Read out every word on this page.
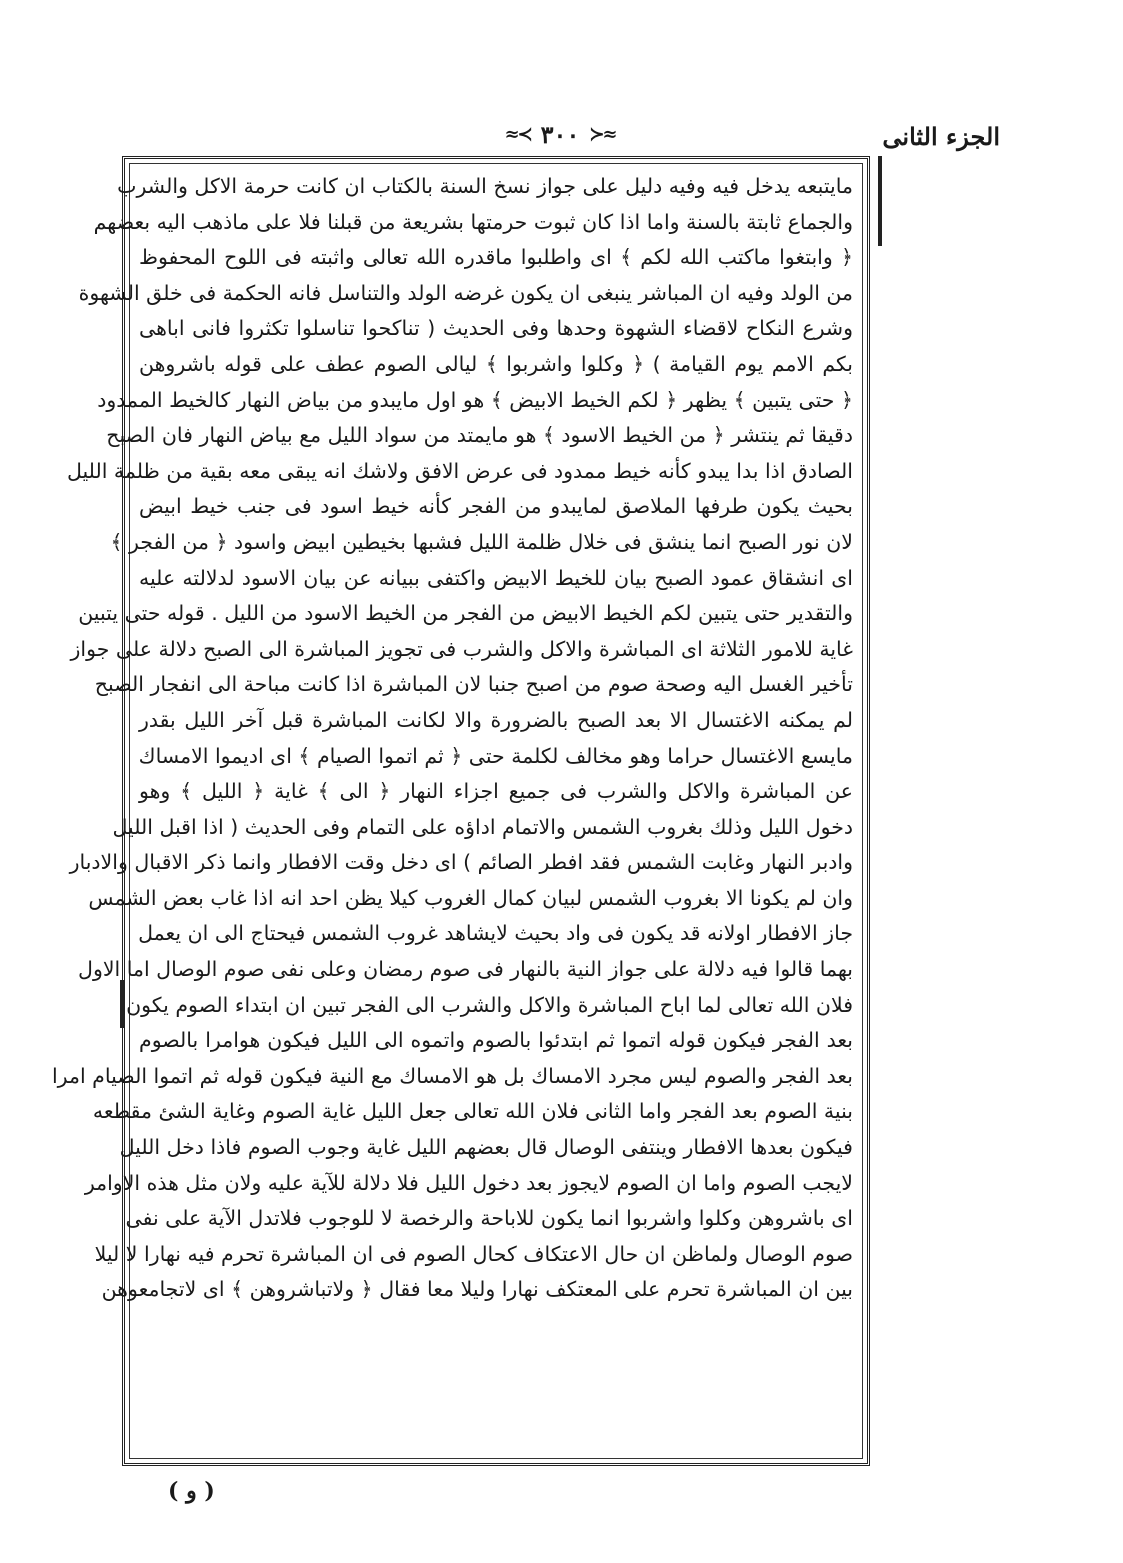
الجزء الثانى
≈≺ ٣٠٠ ≻≈
مايتبعه يدخل فيه وفيه دليل على جواز نسخ السنة بالكتاب ان كانت حرمة الاكل والشرب
والجماع ثابتة بالسنة واما اذا كان ثبوت حرمتها بشريعة من قبلنا فلا على ماذهب اليه بعضهم
﴿ وابتغوا ماكتب الله لكم ﴾ اى واطلبوا ماقدره الله تعالى واثبته فى اللوح المحفوظ
من الولد وفيه ان المباشر ينبغى ان يكون غرضه الولد والتناسل فانه الحكمة فى خلق الشهوة
وشرع النكاح لاقضاء الشهوة وحدها وفى الحديث ( تناكحوا تناسلوا تكثروا فانى اباهى
بكم الامم يوم القيامة ) ﴿ وكلوا واشربوا ﴾ ليالى الصوم عطف على قوله باشروهن
﴿ حتى يتبين ﴾ يظهر ﴿ لكم الخيط الابيض ﴾ هو اول مايبدو من بياض النهار كالخيط الممدود
دقيقا ثم ينتشر ﴿ من الخيط الاسود ﴾ هو مايمتد من سواد الليل مع بياض النهار فان الصبح
الصادق اذا بدا يبدو كأنه خيط ممدود فى عرض الافق ولاشك انه يبقى معه بقية من ظلمة الليل
بحيث يكون طرفها الملاصق لمايبدو من الفجر كأنه خيط اسود فى جنب خيط ابيض
لان نور الصبح انما ينشق فى خلال ظلمة الليل فشبها بخيطين ابيض واسود ﴿ من الفجر ﴾
اى انشقاق عمود الصبح بيان للخيط الابيض واكتفى ببيانه عن بيان الاسود لدلالته عليه
والتقدير حتى يتبين لكم الخيط الابيض من الفجر من الخيط الاسود من الليل . قوله حتى يتبين
غاية للامور الثلاثة اى المباشرة والاكل والشرب فى تجويز المباشرة الى الصبح دلالة على جواز
تأخير الغسل اليه وصحة صوم من اصبح جنبا لان المباشرة اذا كانت مباحة الى انفجار الصبح
لم يمكنه الاغتسال الا بعد الصبح بالضرورة والا لكانت المباشرة قبل آخر الليل بقدر
مايسع الاغتسال حراما وهو مخالف لكلمة حتى ﴿ ثم اتموا الصيام ﴾ اى اديموا الامساك
عن المباشرة والاكل والشرب فى جميع اجزاء النهار ﴿ الى ﴾ غاية ﴿ الليل ﴾ وهو
دخول الليل وذلك بغروب الشمس والاتمام اداؤه على التمام وفى الحديث ( اذا اقبل الليل
وادبر النهار وغابت الشمس فقد افطر الصائم ) اى دخل وقت الافطار وانما ذكر الاقبال والادبار
وان لم يكونا الا بغروب الشمس لبيان كمال الغروب كيلا يظن احد انه اذا غاب بعض الشمس
جاز الافطار اولانه قد يكون فى واد بحيث لايشاهد غروب الشمس فيحتاج الى ان يعمل
بهما قالوا فيه دلالة على جواز النية بالنهار فى صوم رمضان وعلى نفى صوم الوصال اما الاول
فلان الله تعالى لما اباح المباشرة والاكل والشرب الى الفجر تبين ان ابتداء الصوم يكون
بعد الفجر فيكون قوله اتموا ثم ابتدئوا بالصوم واتموه الى الليل فيكون هوامرا بالصوم
بعد الفجر والصوم ليس مجرد الامساك بل هو الامساك مع النية فيكون قوله ثم اتموا الصيام امرا
بنية الصوم بعد الفجر واما الثانى فلان الله تعالى جعل الليل غاية الصوم وغاية الشئ مقطعه
فيكون بعدها الافطار وينتفى الوصال قال بعضهم الليل غاية وجوب الصوم فاذا دخل الليل
لايجب الصوم واما ان الصوم لايجوز بعد دخول الليل فلا دلالة للآية عليه ولان مثل هذه الاوامر
اى باشروهن وكلوا واشربوا انما يكون للاباحة والرخصة لا للوجوب فلاتدل الآية على نفى
صوم الوصال ولماظن ان حال الاعتكاف كحال الصوم فى ان المباشرة تحرم فيه نهارا لا ليلا
بين ان المباشرة تحرم على المعتكف نهارا وليلا معا فقال ﴿ ولاتباشروهن ﴾ اى لاتجامعوهن
( و )
